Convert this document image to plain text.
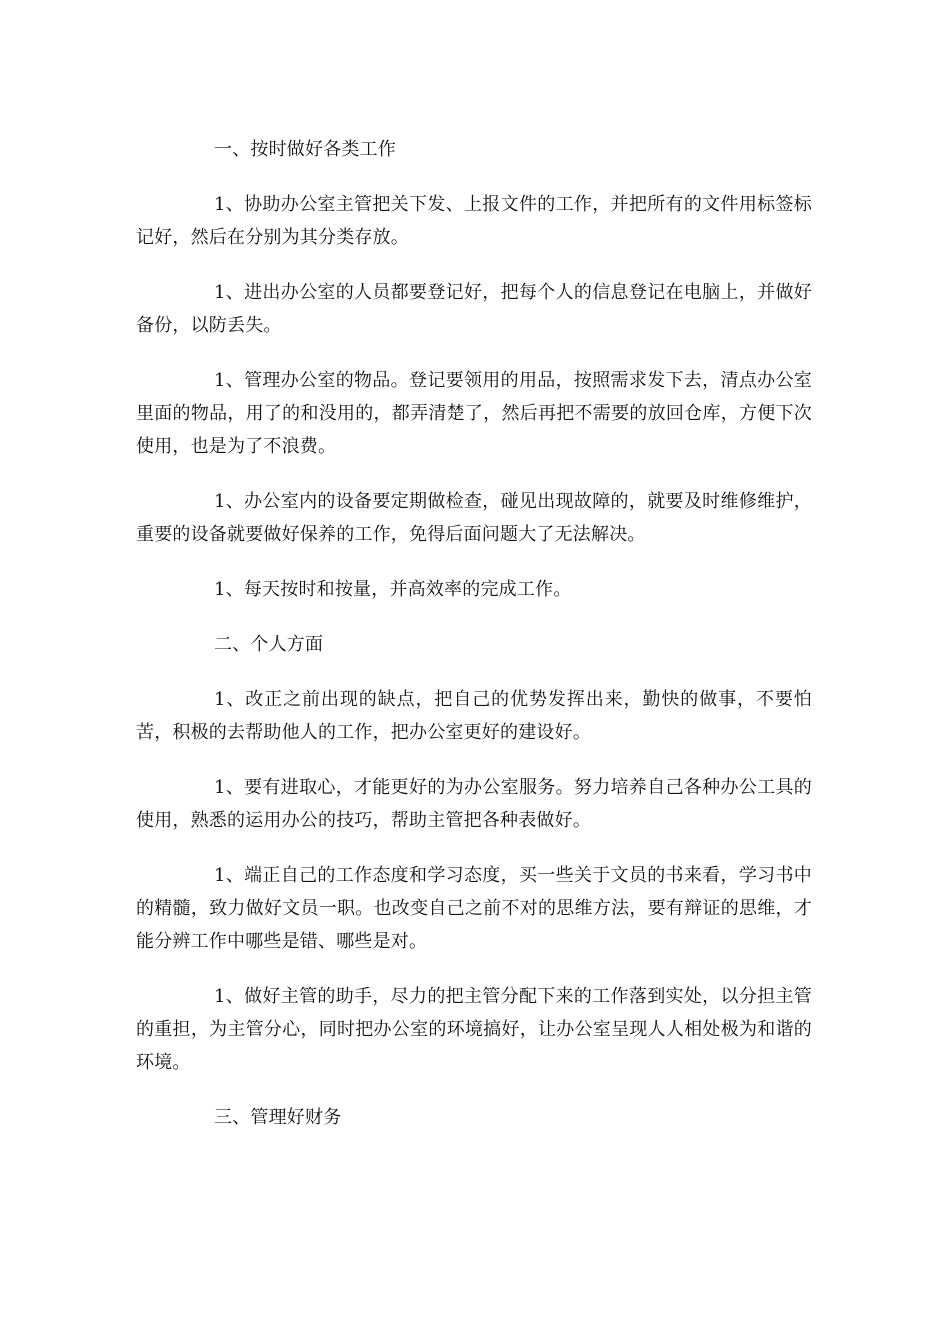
一、按时做好各类工作

1、协助办公室主管把关下发、上报文件的工作，并把所有的文件用标签标记好，然后在分别为其分类存放。

1、进出办公室的人员都要登记好，把每个人的信息登记在电脑上，并做好备份，以防丢失。

1、管理办公室的物品。登记要领用的用品，按照需求发下去，清点办公室里面的物品，用了的和没用的，都弄清楚了，然后再把不需要的放回仓库，方便下次使用，也是为了不浪费。

1、办公室内的设备要定期做检查，碰见出现故障的，就要及时维修维护，重要的设备就要做好保养的工作，免得后面问题大了无法解决。

1、每天按时和按量，并高效率的完成工作。

二、个人方面

1、改正之前出现的缺点，把自己的优势发挥出来，勤快的做事，不要怕苦，积极的去帮助他人的工作，把办公室更好的建设好。

1、要有进取心，才能更好的为办公室服务。努力培养自己各种办公工具的使用，熟悉的运用办公的技巧，帮助主管把各种表做好。

1、端正自己的工作态度和学习态度，买一些关于文员的书来看，学习书中的精髓，致力做好文员一职。也改变自己之前不对的思维方法，要有辩证的思维，才能分辨工作中哪些是错、哪些是对。

1、做好主管的助手，尽力的把主管分配下来的工作落到实处，以分担主管的重担，为主管分心，同时把办公室的环境搞好，让办公室呈现人人相处极为和谐的环境。

三、管理好财务
